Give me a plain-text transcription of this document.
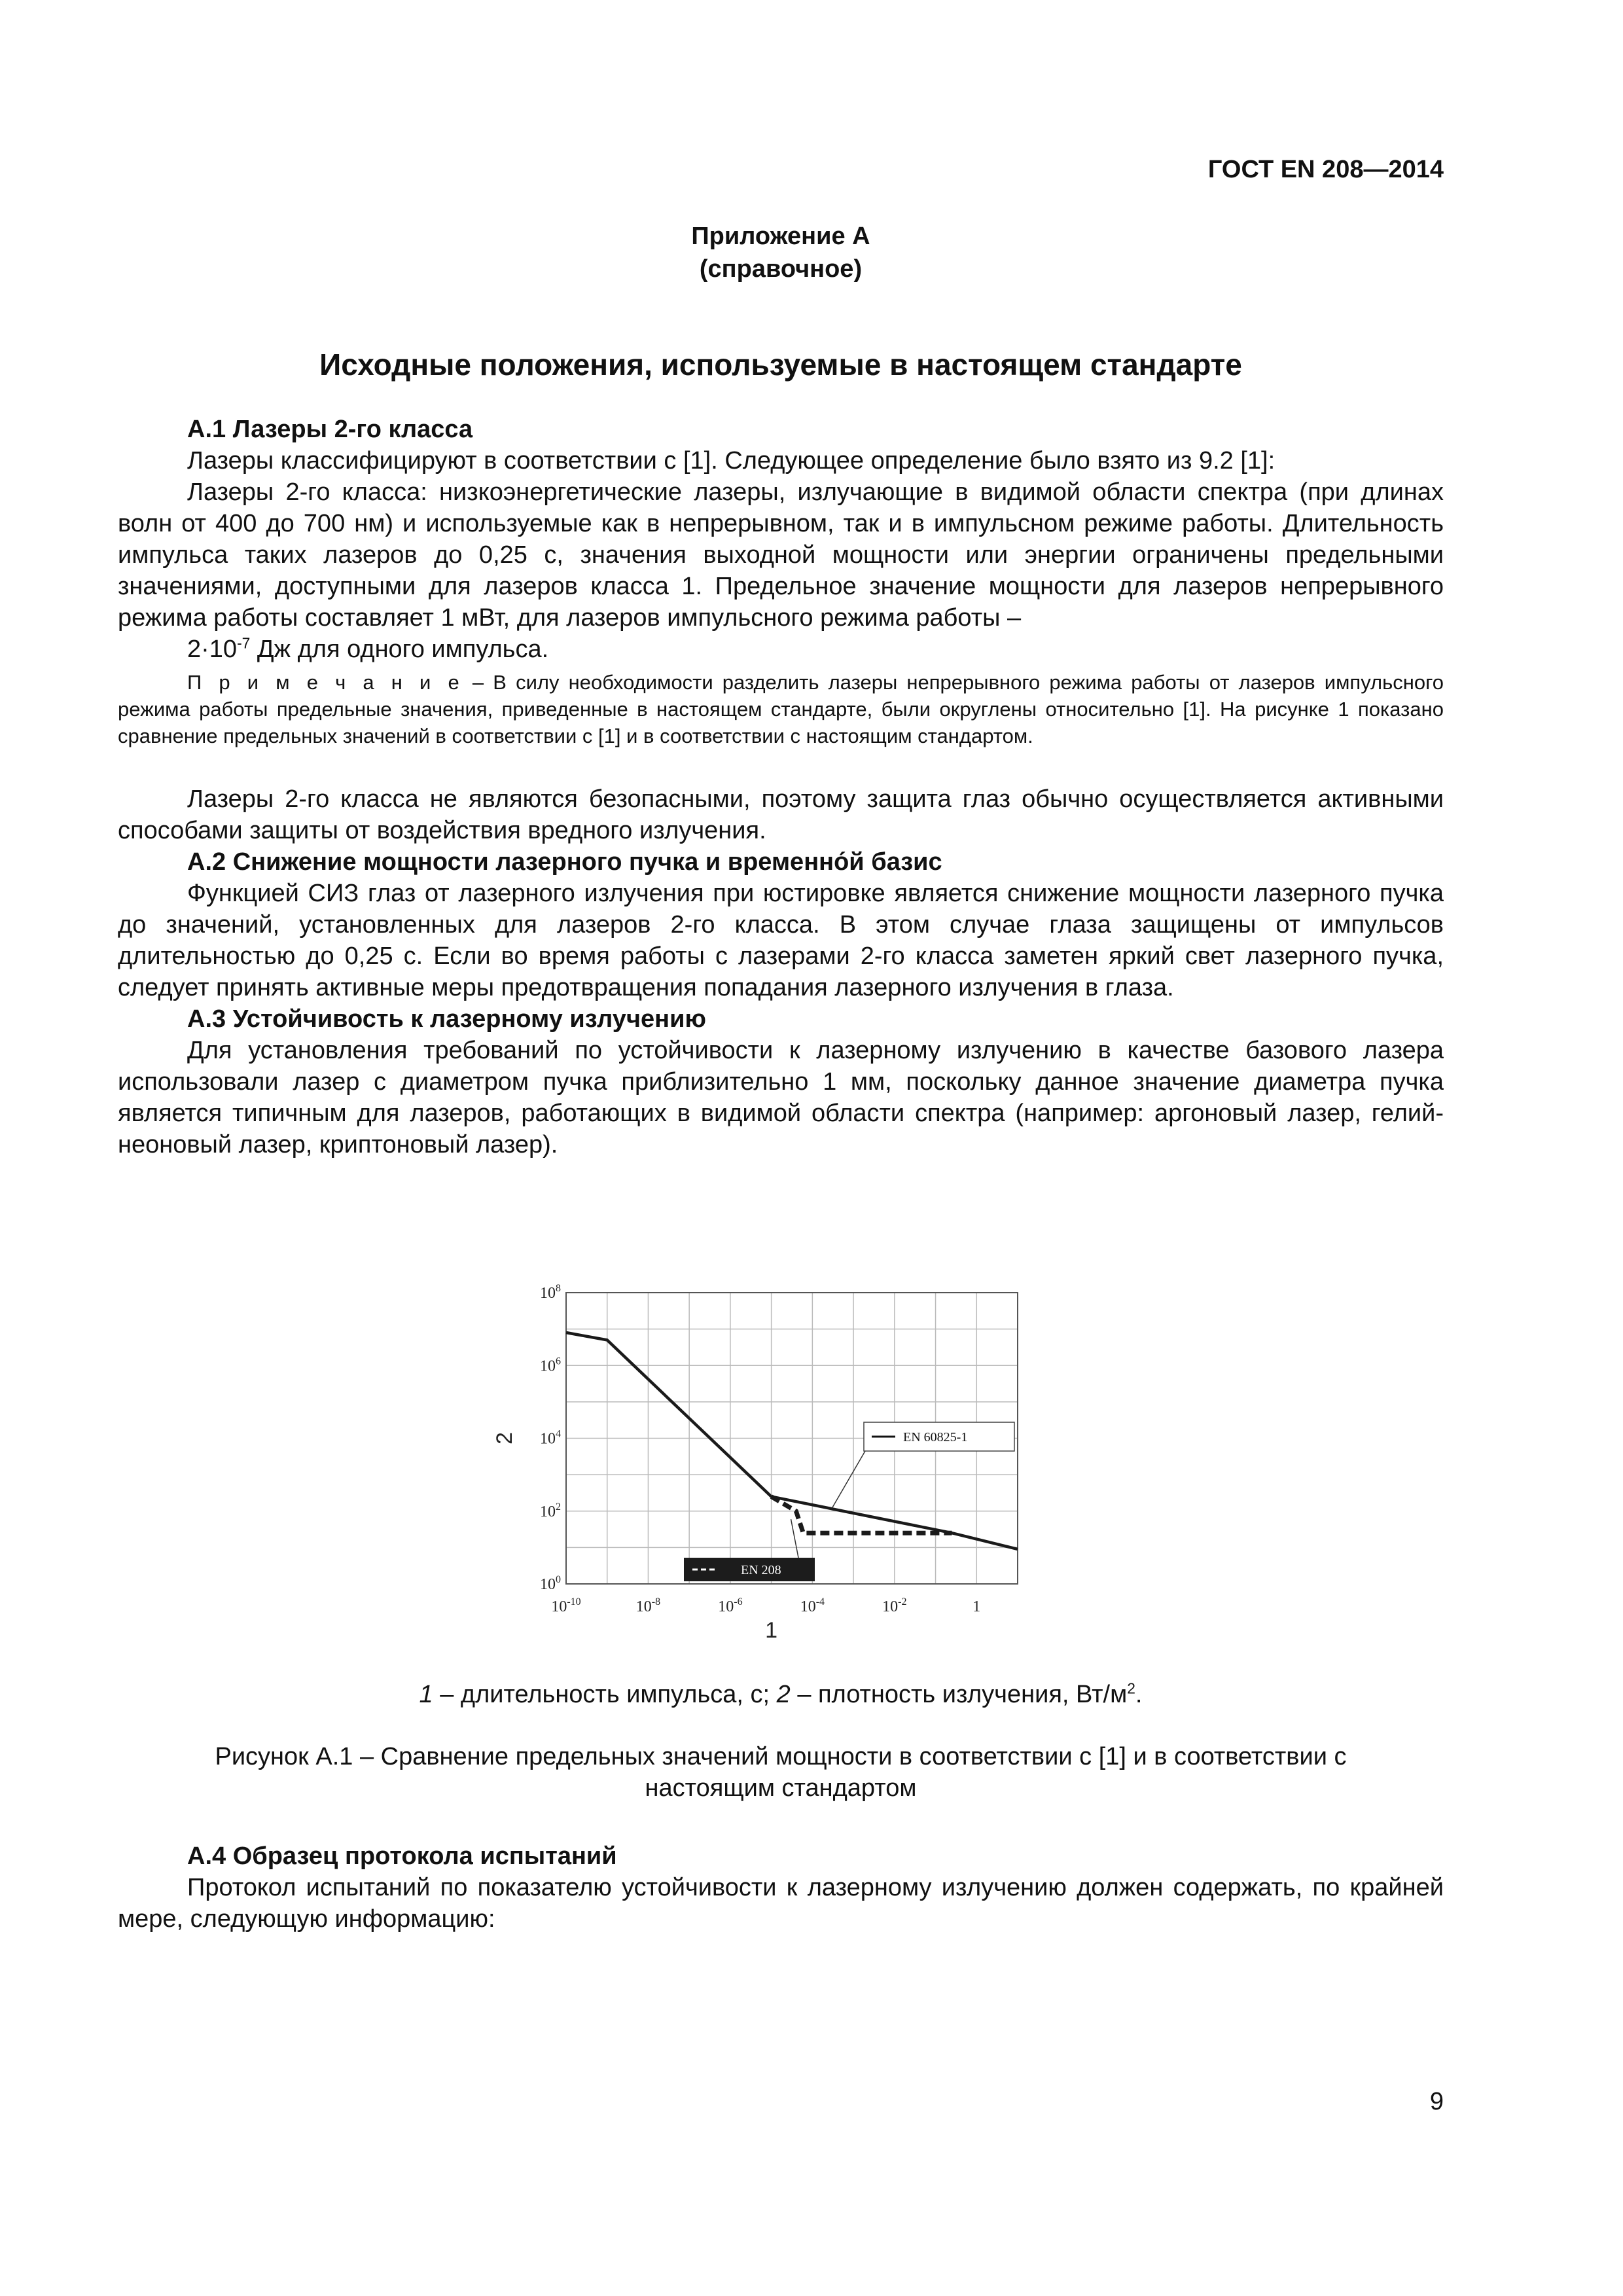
ГОСТ EN 208—2014
Приложение А
(справочное)
Исходные положения, используемые в настоящем стандарте

А.1 Лазеры 2-го класса

Лазеры классифицируют в соответствии с [1]. Следующее определение было взято из 9.2 [1]:

Лазеры 2-го класса: низкоэнергетические лазеры, излучающие в видимой области спектра (при длинах волн от 400 до 700 нм) и используемые как в непрерывном, так и в импульсном режиме работы. Длительность импульса таких лазеров до 0,25 с, значения выходной мощности или энергии ограничены предельными значениями, доступными для лазеров класса 1. Предельное значение мощности для лазеров непрерывного режима работы составляет 1 мВт, для лазеров импульсного режима работы –

$2\cdot 10^{-7}$ Дж для одного импульса.

П р и м е ч а н и е – В силу необходимости разделить лазеры непрерывного режима работы от лазеров импульсного режима работы предельные значения, приведенные в настоящем стандарте, были округлены относительно [1]. На рисунке 1 показано сравнение предельных значений в соответствии с [1] и в соответствии с настоящим стандартом.

Лазеры 2-го класса не являются безопасными, поэтому защита глаз обычно осуществляется активными способами защиты от воздействия вредного излучения.

А.2 Снижение мощности лазерного пучка и временно́й базис

Функцией СИЗ глаз от лазерного излучения при юстировке является снижение мощности лазерного пучка до значений, установленных для лазеров 2-го класса. В этом случае глаза защищены от импульсов длительностью до 0,25 с. Если во время работы с лазерами 2-го класса заметен яркий свет лазерного пучка, следует принять активные меры предотвращения попадания лазерного излучения в глаза.

А.3 Устойчивость к лазерному излучению

Для установления требований по устойчивости к лазерному излучению в качестве базового лазера использовали лазер с диаметром пучка приблизительно 1 мм, поскольку данное значение диаметра пучка является типичным для лазеров, работающих в видимой области спектра (например: аргоновый лазер, гелий-неоновый лазер, криптоновый лазер).

$10^{-10}$	$10^{-8}$	$10^{-6}$	$10^{-4}$	$10^{-2}$	1
$10^0$
$10^2$
$10^4$
$10^6$
$10^8$
1
2	EN 60825-1
EN 208
1 – длительность импульса, с; 2 – плотность излучения, $Вт/м^2$.
Рисунок А.1 – Сравнение предельных значений мощности в соответствии с [1] и в соответствии с
настоящим стандартом

А.4 Образец протокола испытаний

Протокол испытаний по показателю устойчивости к лазерному излучению должен содержать, по крайней мере, следующую информацию:

9
